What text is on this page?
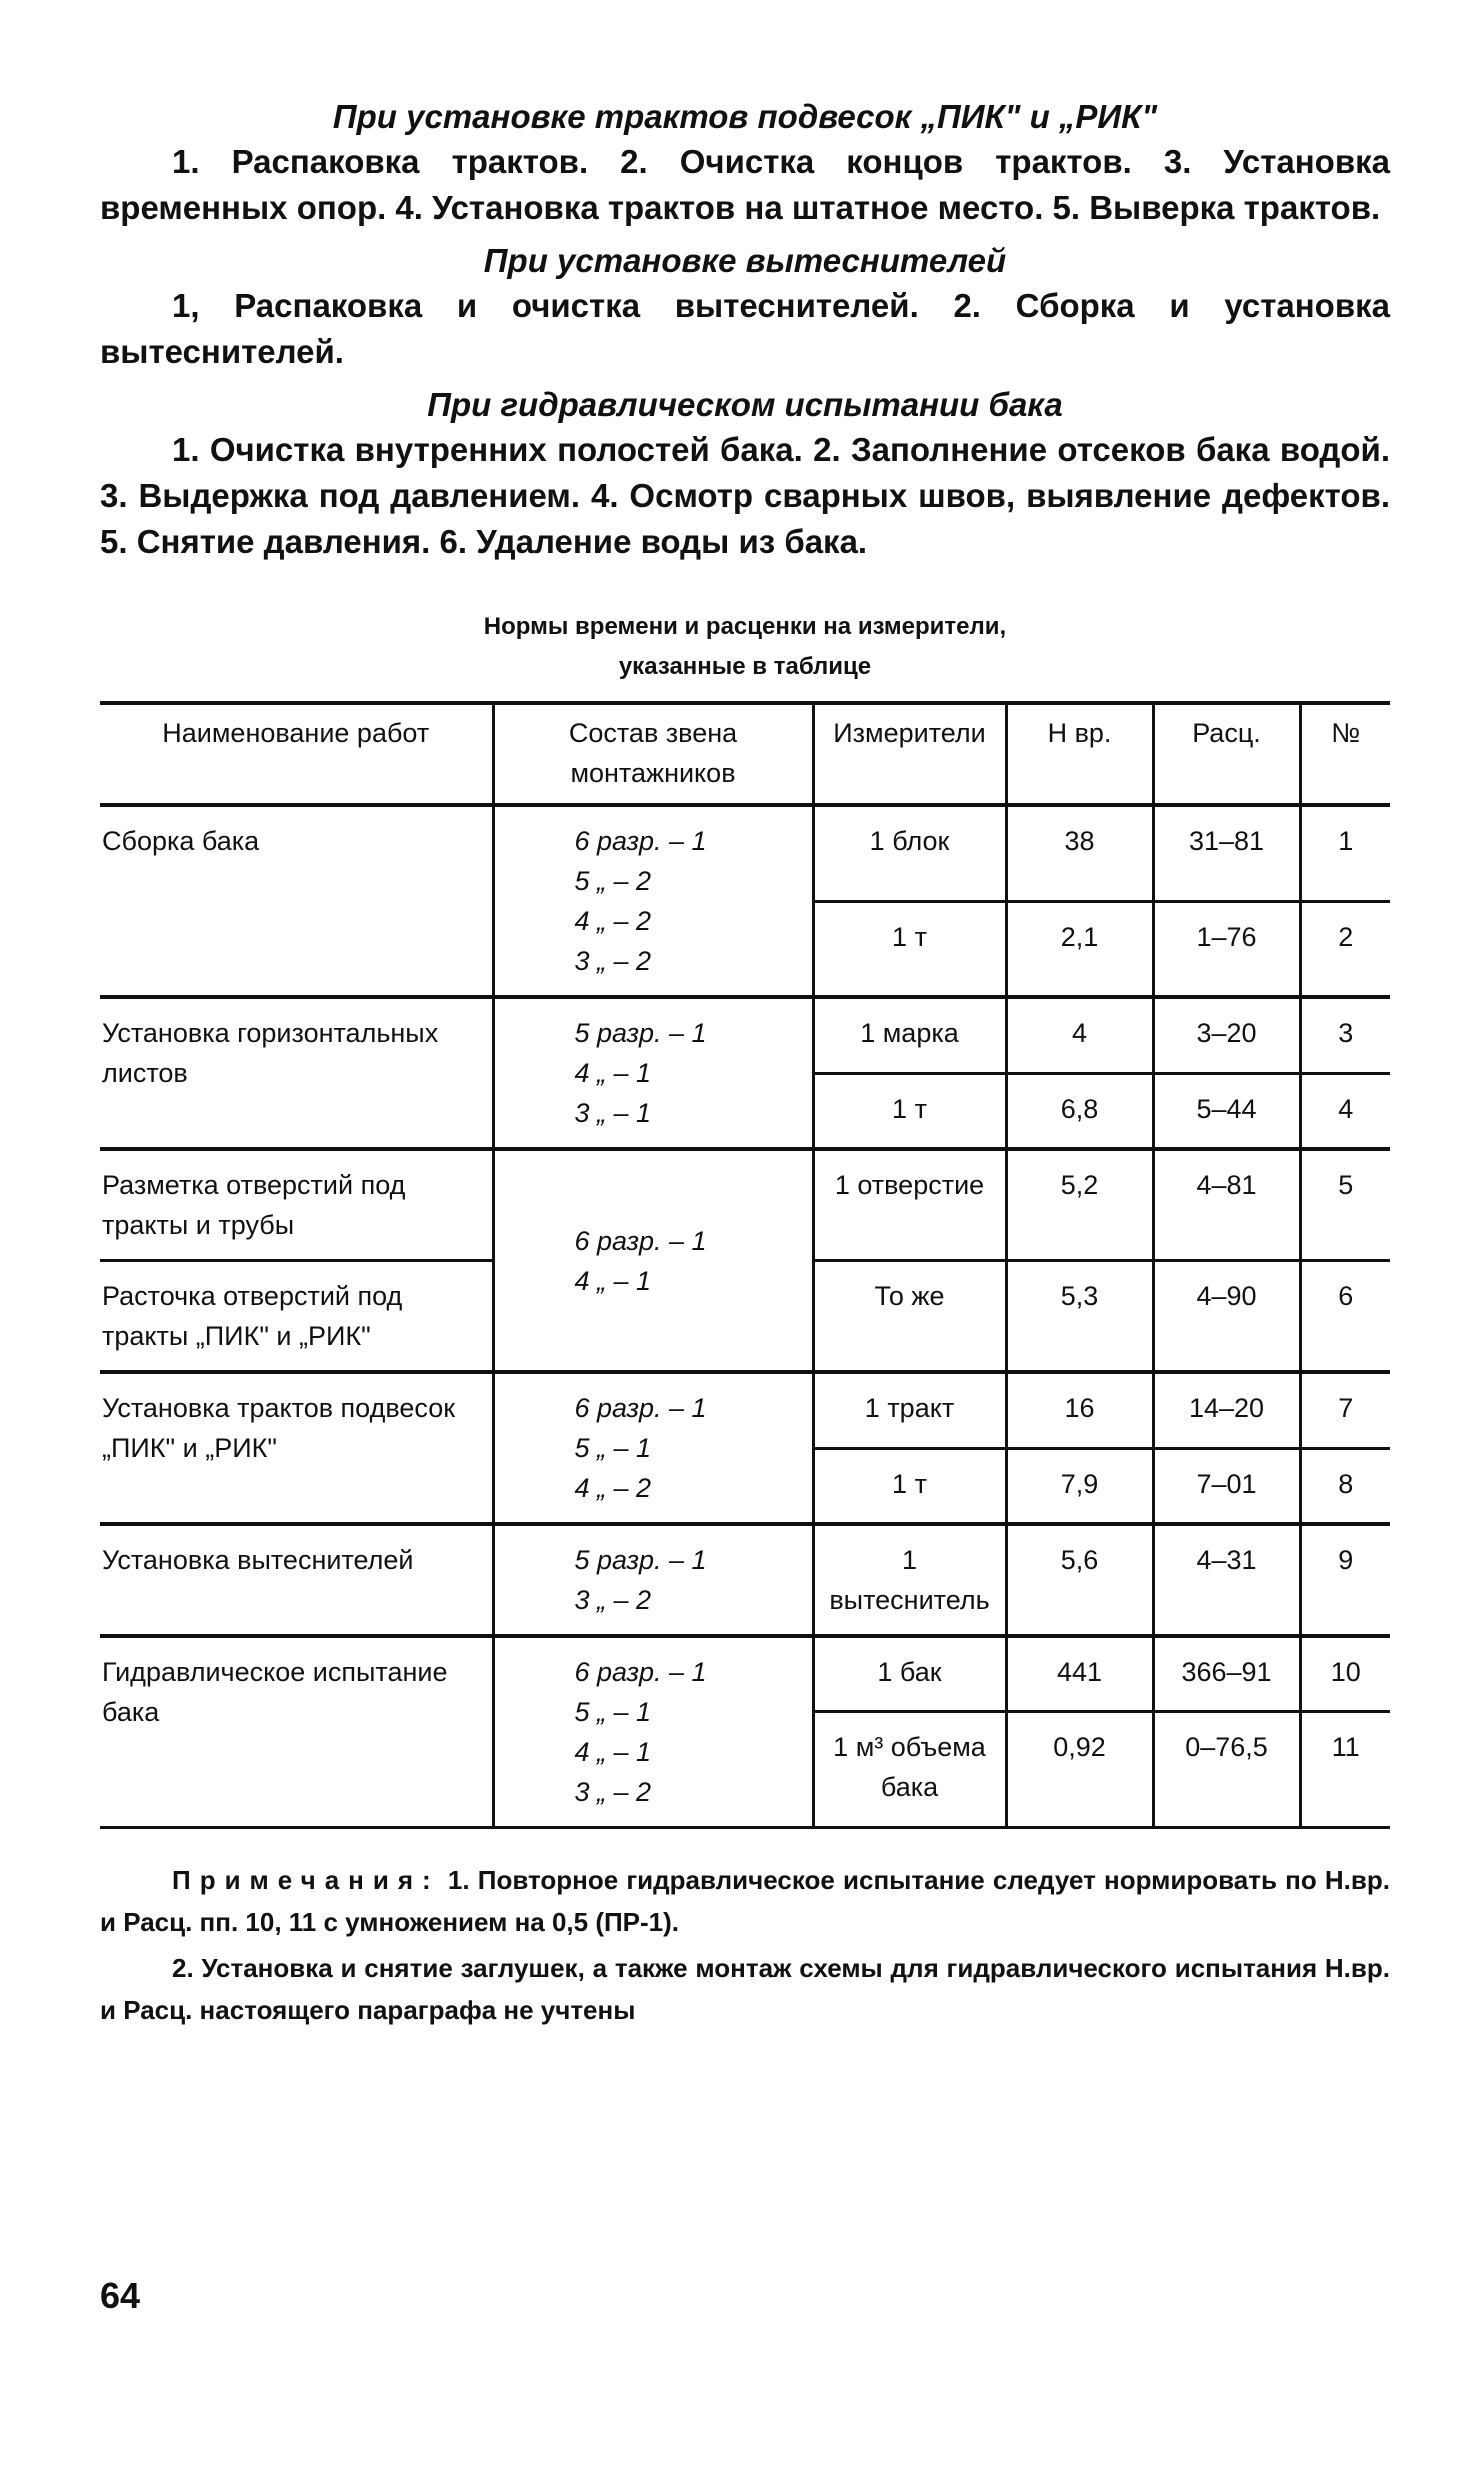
При установке трактов подвесок „ПИК" и „РИК"

1. Распаковка трактов. 2. Очистка концов трактов. 3. Установка временных опор. 4. Установка трактов на штатное место. 5. Выверка трактов.

При установке вытеснителей

1, Распаковка и очистка вытеснителей. 2. Сборка и установка вытеснителей.

При гидравлическом испытании бака

1. Очистка внутренних полостей бака. 2. Заполнение отсеков бака водой. 3. Выдержка под давлением. 4. Осмотр сварных швов, выявление дефектов. 5. Снятие давления. 6. Удаление воды из бака.

Нормы времени и расценки на измерители,
указанные в таблице
Наименование работ	Состав звена монтажников	Измерители	Н вр.	Расц.	№
Сборка бака	6 разр. – 1
5 „ – 2
4 „ – 2
3 „ – 2	1 блок	38	31–81	1
		1 т	2,1	1–76	2
Установка горизонтальных листов	5 разр. – 1
4 „ – 1
3 „ – 1	1 марка	4	3–20	3
		1 т	6,8	5–44	4
Разметка отверстий под тракты и трубы	6 разр. – 1
4 „ – 1	1 отверстие	5,2	4–81	5
Расточка отверстий под тракты „ПИК" и „РИК"		То же	5,3	4–90	6
Установка трактов подвесок „ПИК" и „РИК"	6 разр. – 1
5 „ – 1
4 „ – 2	1 тракт	16	14–20	7
		1 т	7,9	7–01	8
Установка вытеснителей	5 разр. – 1
3 „ – 2	1 вытеснитель	5,6	4–31	9
Гидравлическое испытание бака	6 разр. – 1
5 „ – 1
4 „ – 1
3 „ – 2	1 бак	441	366–91	10
		1 м³ объема бака	0,92	0–76,5	11

Примечания: 1. Повторное гидравлическое испытание следует нормировать по Н.вр. и Расц. пп. 10, 11 с умножением на 0,5 (ПР-1).

2. Установка и снятие заглушек, а также монтаж схемы для гидравлического испытания Н.вр. и Расц. настоящего параграфа не учтены

64
